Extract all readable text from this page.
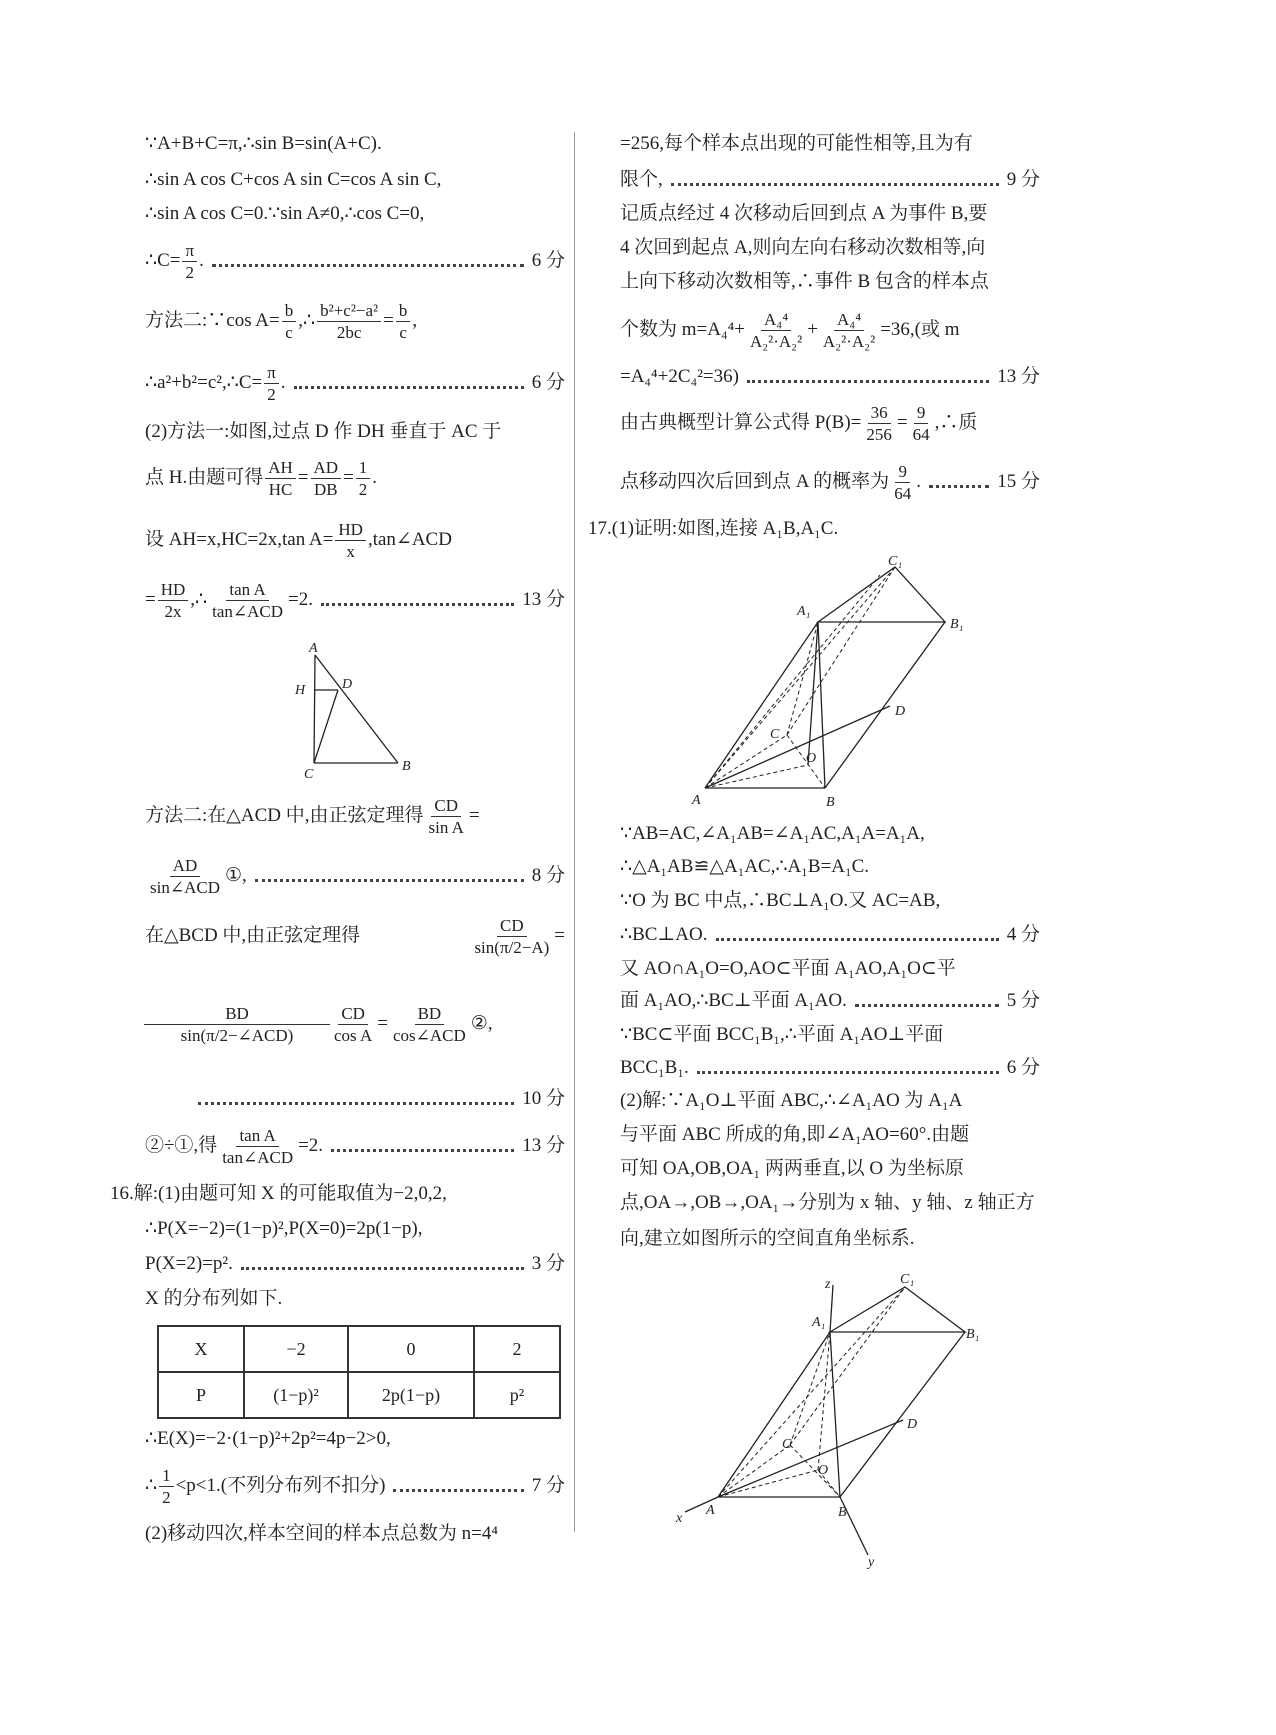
∵A+B+C=π,∴sin B=sin(A+C).
∴sin A cos C+cos A sin C=cos A sin C,
∴sin A cos C=0.∵sin A≠0,∴cos C=0,
∴C= $\frac{\pi}{2}$ .	6 分
方法二:∵cos $A= \frac{b}{c}$ ,∴ $\frac{\text{b²+c²−a²}}{2bc} = \frac{b}{c}$ ,
∴a²+b²=c²,∴C= $\frac{\pi}{2}$ .	6 分
(2)方法一:如图,过点 D 作 DH 垂直于 AC 于
点 H.由题可得 $\frac{AH}{HC} = \frac{AD}{DB} = \frac{1}{2}$ .
设 AH=x,HC=2x,tan $A= \frac{HD}{x}$ ,tan∠ACD
= $\frac{HD}{2x}$ ,∴ $\frac{\text{tan A}}{\text{tan∠ACD}} =2$.	13 分
A
H	D
C
B
方法二:在△ACD 中,由正弦定理得 $\frac{CD}{\text{sin A}}$ =
$\frac{AD}{\text{sin∠ACD}}$ ①,	8 分
在△BCD 中,由正弦定理得	$\frac{CD}{\sin(\pi/2-A)}$ =
$\frac{BD}{\text{sin(π/2−∠ACD)}} \frac{CD}{\text{cos A}} = \frac{BD}{\text{cos∠ACD}}$ ②,
10 分
②÷①,得 $\frac{\text{tan A}}{\text{tan∠ACD}} =2$.	13 分
16.解:(1)由题可知 X 的可能取值为−2,0,2,
∴P(X=−2)=(1−p)²,P(X=0)=2p(1−p),
P(X=2)=p².	3 分
X 的分布列如下.
X	−2	0	2
P	(1−p)²	2p(1−p)	p²
∴E(X)=−2·(1−p)²+2p²=4p−2>0,
∴ $\frac{1}{2} <p<1$.(不列分布列不扣分)	7 分
(2)移动四次,样本空间的样本点总数为 n=4⁴
=256,每个样本点出现的可能性相等,且为有
限个,	9 分
记质点经过 4 次移动后回到点 A 为事件 B,要
4 次回到起点 A,则向左向右移动次数相等,向
上向下移动次数相等,∴事件 B 包含的样本点
个数为 $m=A_4^4+ \frac{\text{A₄⁴}}{\text{A₂²·A₂²}} + \frac{\text{A₄⁴}}{\text{A₂²·A₂²}} =36$,(或 m
=A₄⁴+2C₄²=36)	13 分
由古典概型计算公式得 $P(B)= \frac{36}{256} = \frac{9}{64}$ ,∴质
点移动四次后回到点 A 的概率为 $\frac{9}{64}$ .	15 分
17.(1)证明:如图,连接 A₁B,A₁C.
C₁
A₁
B₁
D
C
O
A	B
∵AB=AC,∠A₁AB=∠A₁AC,A₁A=A₁A,
∴△A₁AB≌△A₁AC,∴A₁B=A₁C.
∵O 为 BC 中点,∴BC⊥A₁O.又 AC=AB,
∴BC⊥AO.	4 分
又 AO∩A₁O=O,AO⊂平面 A₁AO,A₁O⊂平
面 A₁AO,∴BC⊥平面 A₁AO.	5 分
∵BC⊂平面 BCC₁B₁,∴平面 A₁AO⊥平面
BCC₁B₁.	6 分
(2)解:∵A₁O⊥平面 ABC,∴∠A₁AO 为 A₁A
与平面 ABC 所成的角,即∠A₁AO=60°.由题
可知 OA,OB,OA₁ 两两垂直,以 O 为坐标原
点,OA→,OB→,OA₁→分别为 x 轴、y 轴、z 轴正方
向,建立如图所示的空间直角坐标系.
z	C₁
A₁
B₁
D
C
O
A	B
x
y
